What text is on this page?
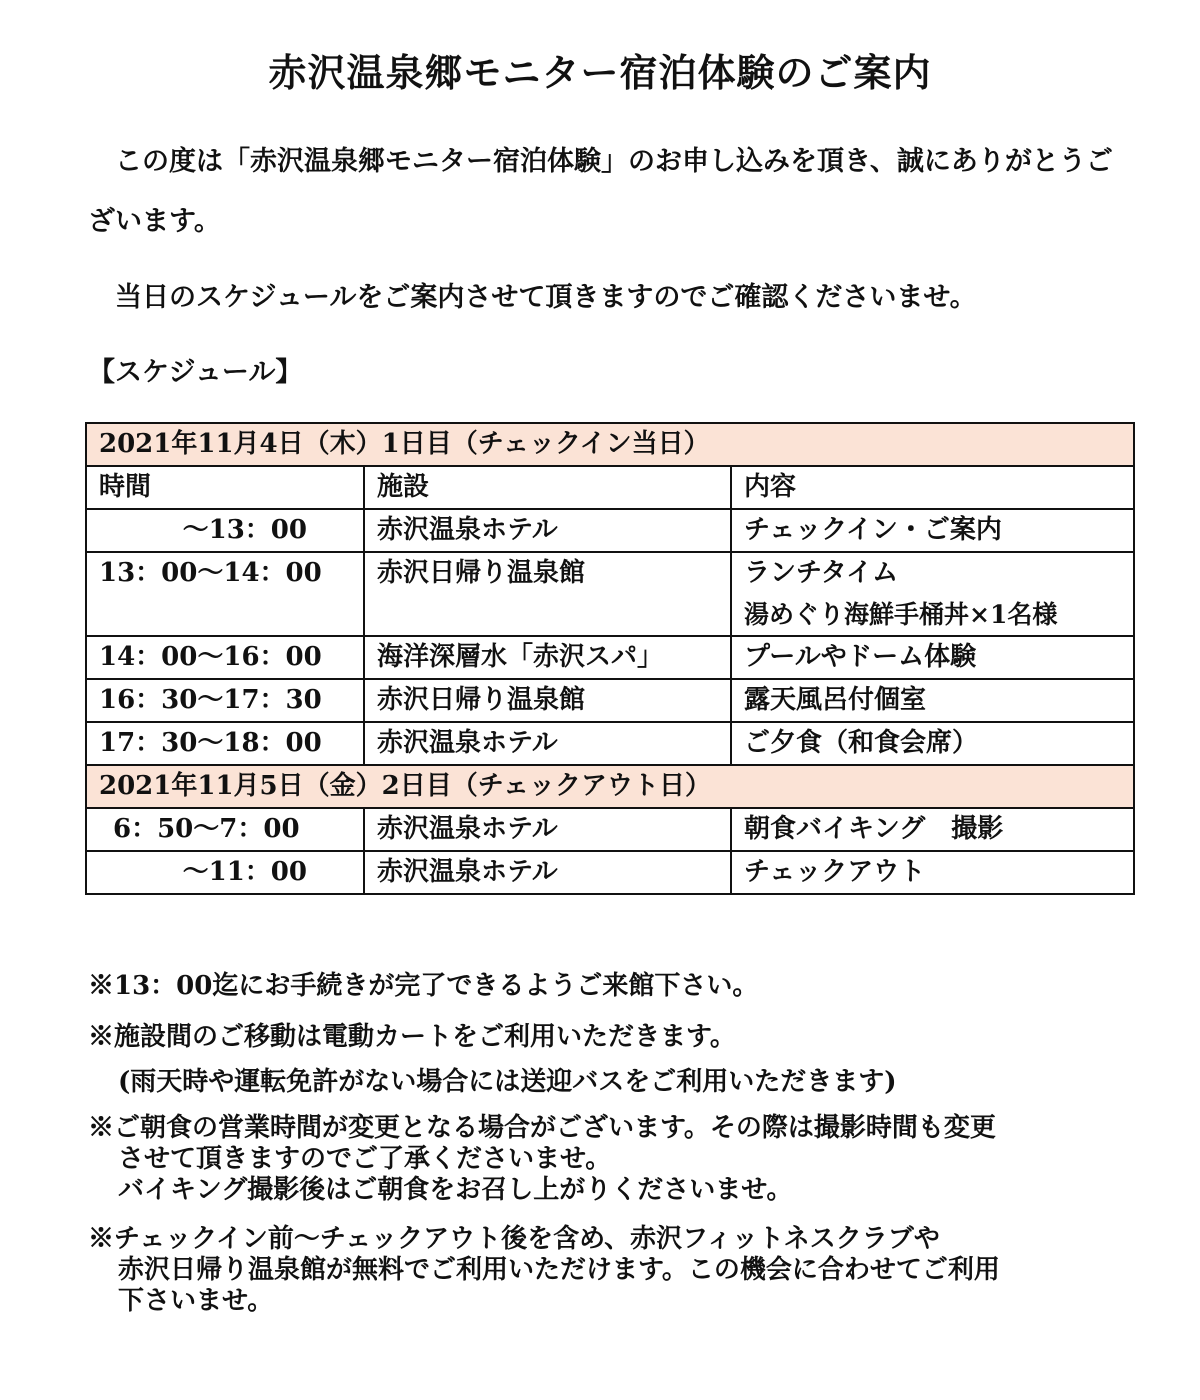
赤沢温泉郷モニター宿泊体験のご案内
この度は「赤沢温泉郷モニター宿泊体験」のお申し込みを頂き、誠にありがとうございます。
当日のスケジュールをご案内させて頂きますのでご確認くださいませ。
【スケジュール】
2021年11月4日（木）1日目（チェックイン当日）		
時間	施設	内容
～13：00	赤沢温泉ホテル	チェックイン・ご案内
13：00～14：00	赤沢日帰り温泉館	ランチタイム
湯めぐり海鮮手桶丼×1名様

14：00～16：00	海洋深層水「赤沢スパ」	プールやドーム体験
16：30～17：30	赤沢日帰り温泉館	露天風呂付個室
17：30～18：00	赤沢温泉ホテル	ご夕食（和食会席）
2021年11月5日（金）2日目（チェックアウト日）		
6：50～7：00	赤沢温泉ホテル	朝食バイキング　撮影
～11：00	赤沢温泉ホテル	チェックアウト
※13：00迄にお手続きが完了できるようご来館下さい。
※施設間のご移動は電動カートをご利用いただきます。
(雨天時や運転免許がない場合には送迎バスをご利用いただきます)
※ご朝食の営業時間が変更となる場合がございます。その際は撮影時間も変更
させて頂きますのでご了承くださいませ。
バイキング撮影後はご朝食をお召し上がりくださいませ。
※チェックイン前～チェックアウト後を含め、赤沢フィットネスクラブや
赤沢日帰り温泉館が無料でご利用いただけます。この機会に合わせてご利用
下さいませ。
